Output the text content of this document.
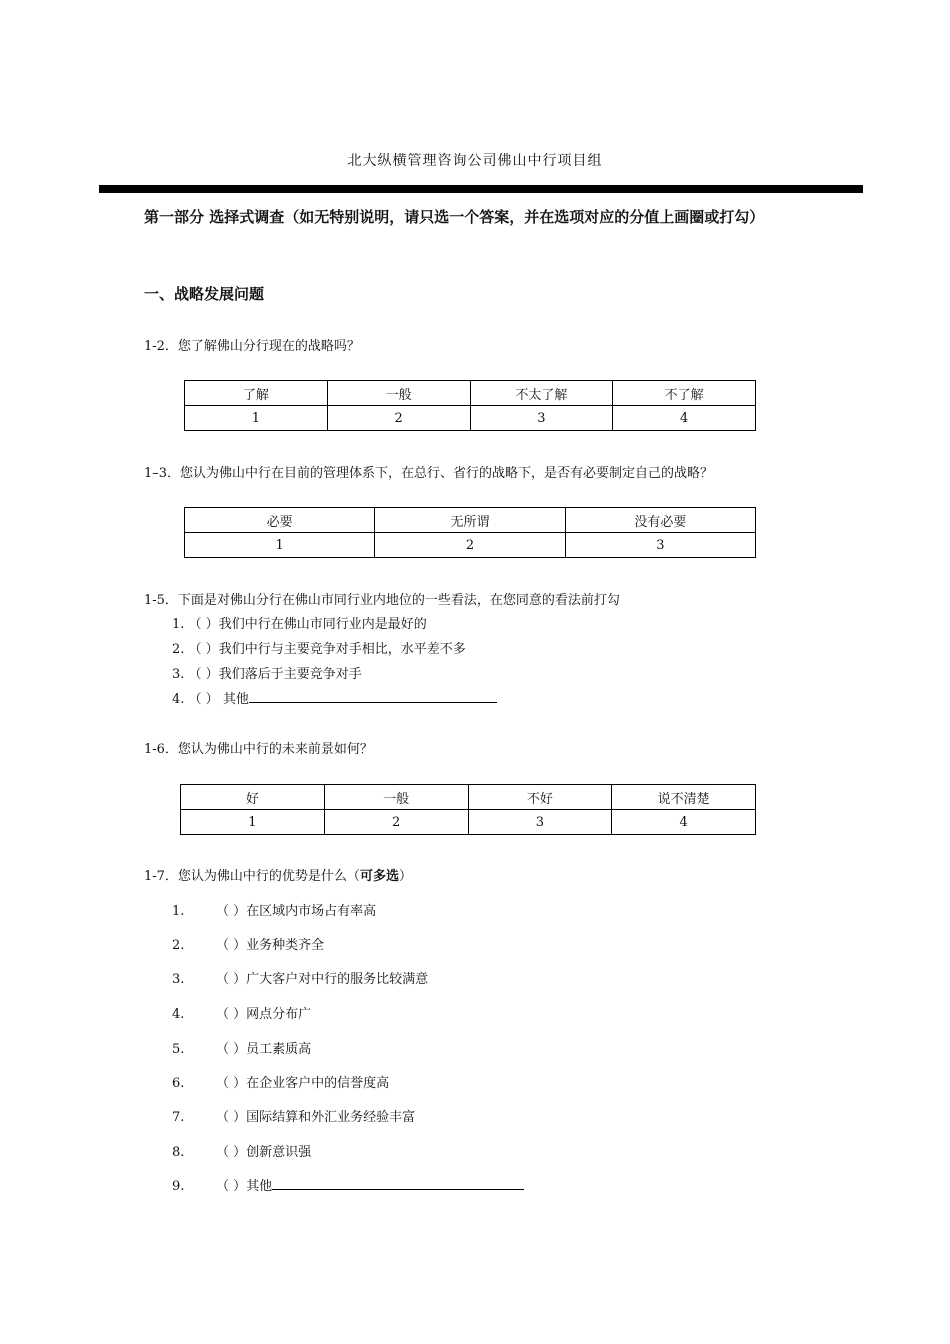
北大纵横管理咨询公司佛山中行项目组
第一部分 选择式调查（如无特别说明，请只选一个答案，并在选项对应的分值上画圈或打勾）
一、战略发展问题
1-2．您了解佛山分行现在的战略吗？
了解	一般	不太了解	不了解
1	2	3	4
1–3．您认为佛山中行在目前的管理体系下，在总行、省行的战略下，是否有必要制定自己的战略？
必要	无所谓	没有必要
1	2	3
1-5．下面是对佛山分行在佛山市同行业内地位的一些看法，在您同意的看法前打勾
1. （ ）我们中行在佛山市同行业内是最好的
2. （ ）我们中行与主要竞争对手相比，水平差不多
3. （ ）我们落后于主要竞争对手
4. （ ） 其他
1-6．您认为佛山中行的未来前景如何？
好	一般	不好	说不清楚
1	2	3	4
1-7．您认为佛山中行的优势是什么（可多选）
1. （ ）在区域内市场占有率高
2. （ ）业务种类齐全
3. （ ）广大客户对中行的服务比较满意
4. （ ）网点分布广
5. （ ）员工素质高
6. （ ）在企业客户中的信誉度高
7. （ ）国际结算和外汇业务经验丰富
8. （ ）创新意识强
9. （ ）其他
